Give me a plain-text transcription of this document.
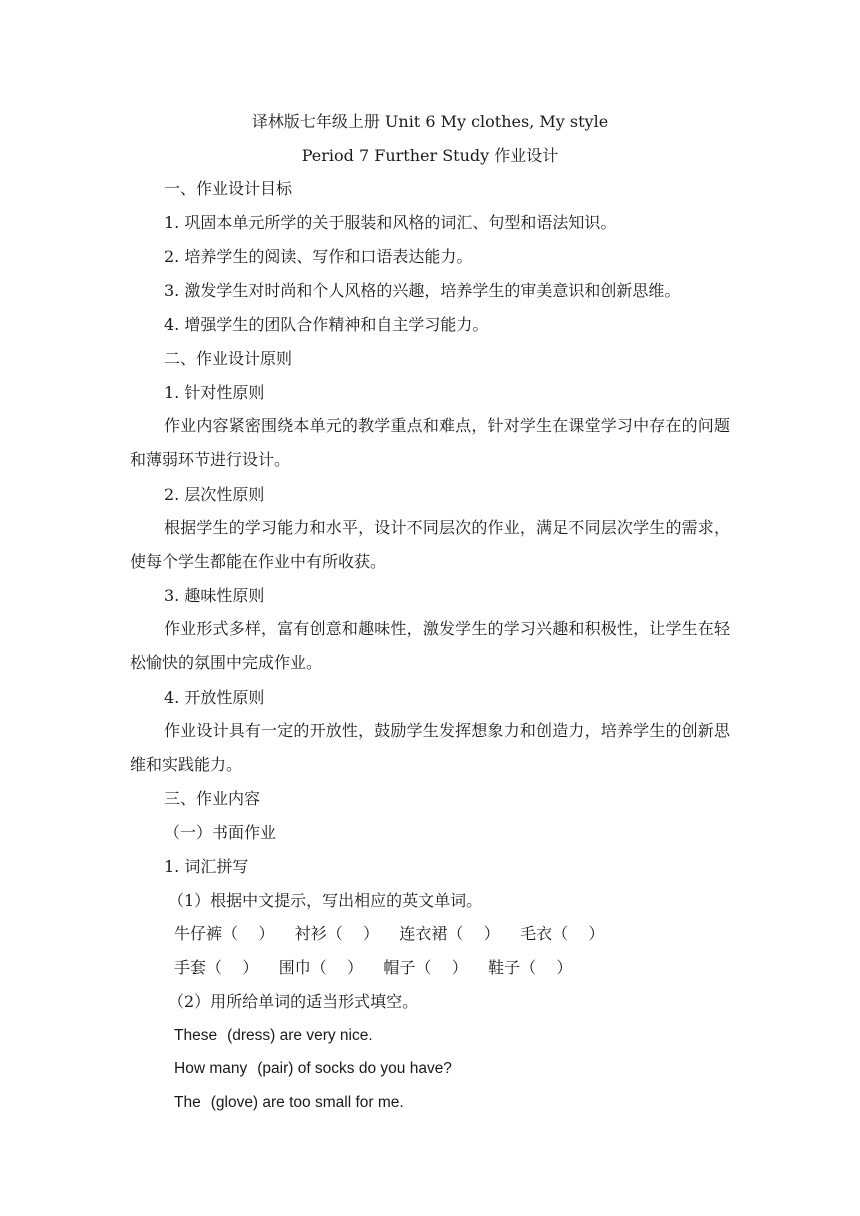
译林版七年级上册 Unit 6 My clothes, My style
Period 7 Further Study 作业设计
一、作业设计目标
1. 巩固本单元所学的关于服装和风格的词汇、句型和语法知识。
2. 培养学生的阅读、写作和口语表达能力。
3. 激发学生对时尚和个人风格的兴趣，培养学生的审美意识和创新思维。
4. 增强学生的团队合作精神和自主学习能力。
二、作业设计原则
1. 针对性原则
作业内容紧密围绕本单元的教学重点和难点，针对学生在课堂学习中存在的问题和薄弱环节进行设计。
2. 层次性原则
根据学生的学习能力和水平，设计不同层次的作业，满足不同层次学生的需求，使每个学生都能在作业中有所收获。
3. 趣味性原则
作业形式多样，富有创意和趣味性，激发学生的学习兴趣和积极性，让学生在轻松愉快的氛围中完成作业。
4. 开放性原则
作业设计具有一定的开放性，鼓励学生发挥想象力和创造力，培养学生的创新思维和实践能力。
三、作业内容
（一）书面作业
1. 词汇拼写
（1）根据中文提示，写出相应的英文单词。
牛仔裤（    ）    衬衫（    ）    连衣裙（    ）    毛衣（    ）
手套（    ）    围巾（    ）    帽子（    ）    鞋子（    ）
（2）用所给单词的适当形式填空。
These (dress) are very nice.
How many (pair) of socks do you have?
The (glove) are too small for me.
